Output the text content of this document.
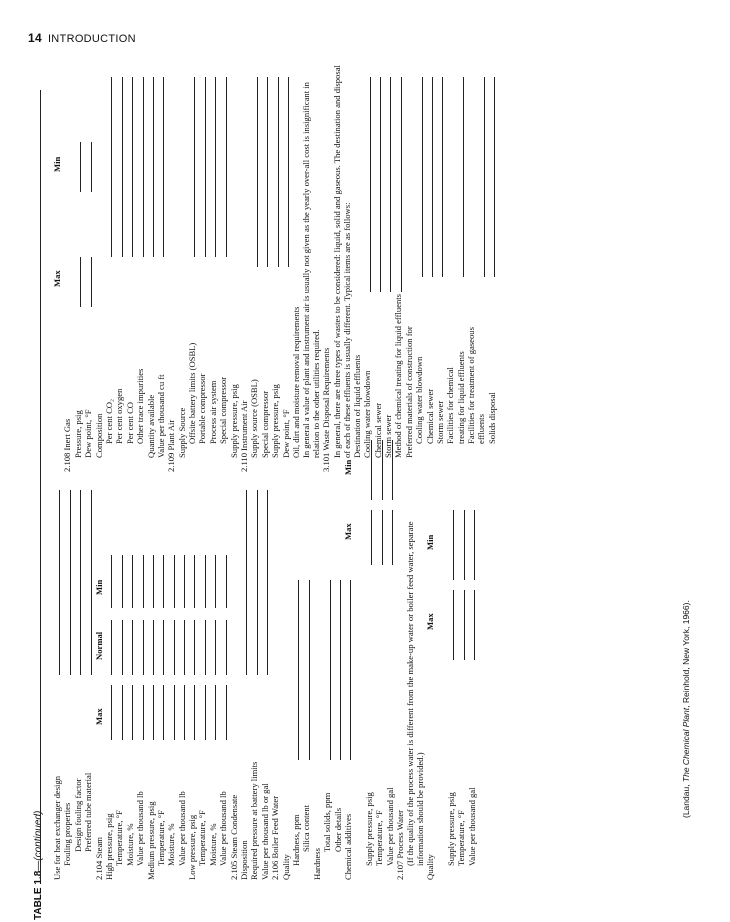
14 INTRODUCTION
TABLE 1.8—(continued) Use for heat exchanger design Fouling properties Design fouling factor Preferred tube material
2.104 Steam
Max
Normal
Min
High pressure, psig Temperature, °F Moisture, % Value per thousand lb Medium pressure, psig Temperature, °F Moisture, % Value per thousand lb Low pressure, psig Temperature, °F Moisture, % Value per thousand lb 2.105 Steam Condensate Disposition Required pressure at battery limits Value per thousand lb or gal 2.106 Boiler Feed Water Quality
Hardness, ppm Silica content
Hardness
Total solids, ppm Other details Chemical additives
Max
Min
Supply pressure, psig Temperature, °F Value per thousand gal 2.107 Process Water (If the quality of the process water is different from the make-up water or boiler feed water, separate information should be provided.)
Quality
Max
Min
Supply pressure, psig Temperature, °F Value per thousand gal
Max
Min
2.108 Inert Gas Pressure, psig Dew point, °F Composition Per cent CO₂ Per cent oxygen Per cent CO Other trace impurities Quantity available Value per thousand cu ft 2.109 Plant Air Supply Source Offsite battery limits (OSBL) Portable compressor Process air system Special compressor Supply pressure, psig 2.110 Instrument Air Supply source (OSBL) Special compressor Supply pressure, psig Dew point, °F Oil, dirt and moisture removal requirements In general a value of plant and instrument air is usually not given as the yearly over-all cost is insignificant in relation to the other utilities required. 3.101 Waste Disposal Requirements In general, there are three types of wastes to be considered: liquid, solid and gaseous. The destination and disposal of each of these effluents is usually different. Typical items are as follows: Destination of liquid effluents Cooling water blowdown Chemical sewer Storm sewer Method of chemical treating for liquid effluents Preferred materials of construction for Cooling water blowdown Chemical sewer Storm sewer Facilities for chemical treating for liquid effluents Facilities for treatment of gaseous effluents Solids disposal
(Landau, The Chemical Plant, Reinhold, New York, 1966).
